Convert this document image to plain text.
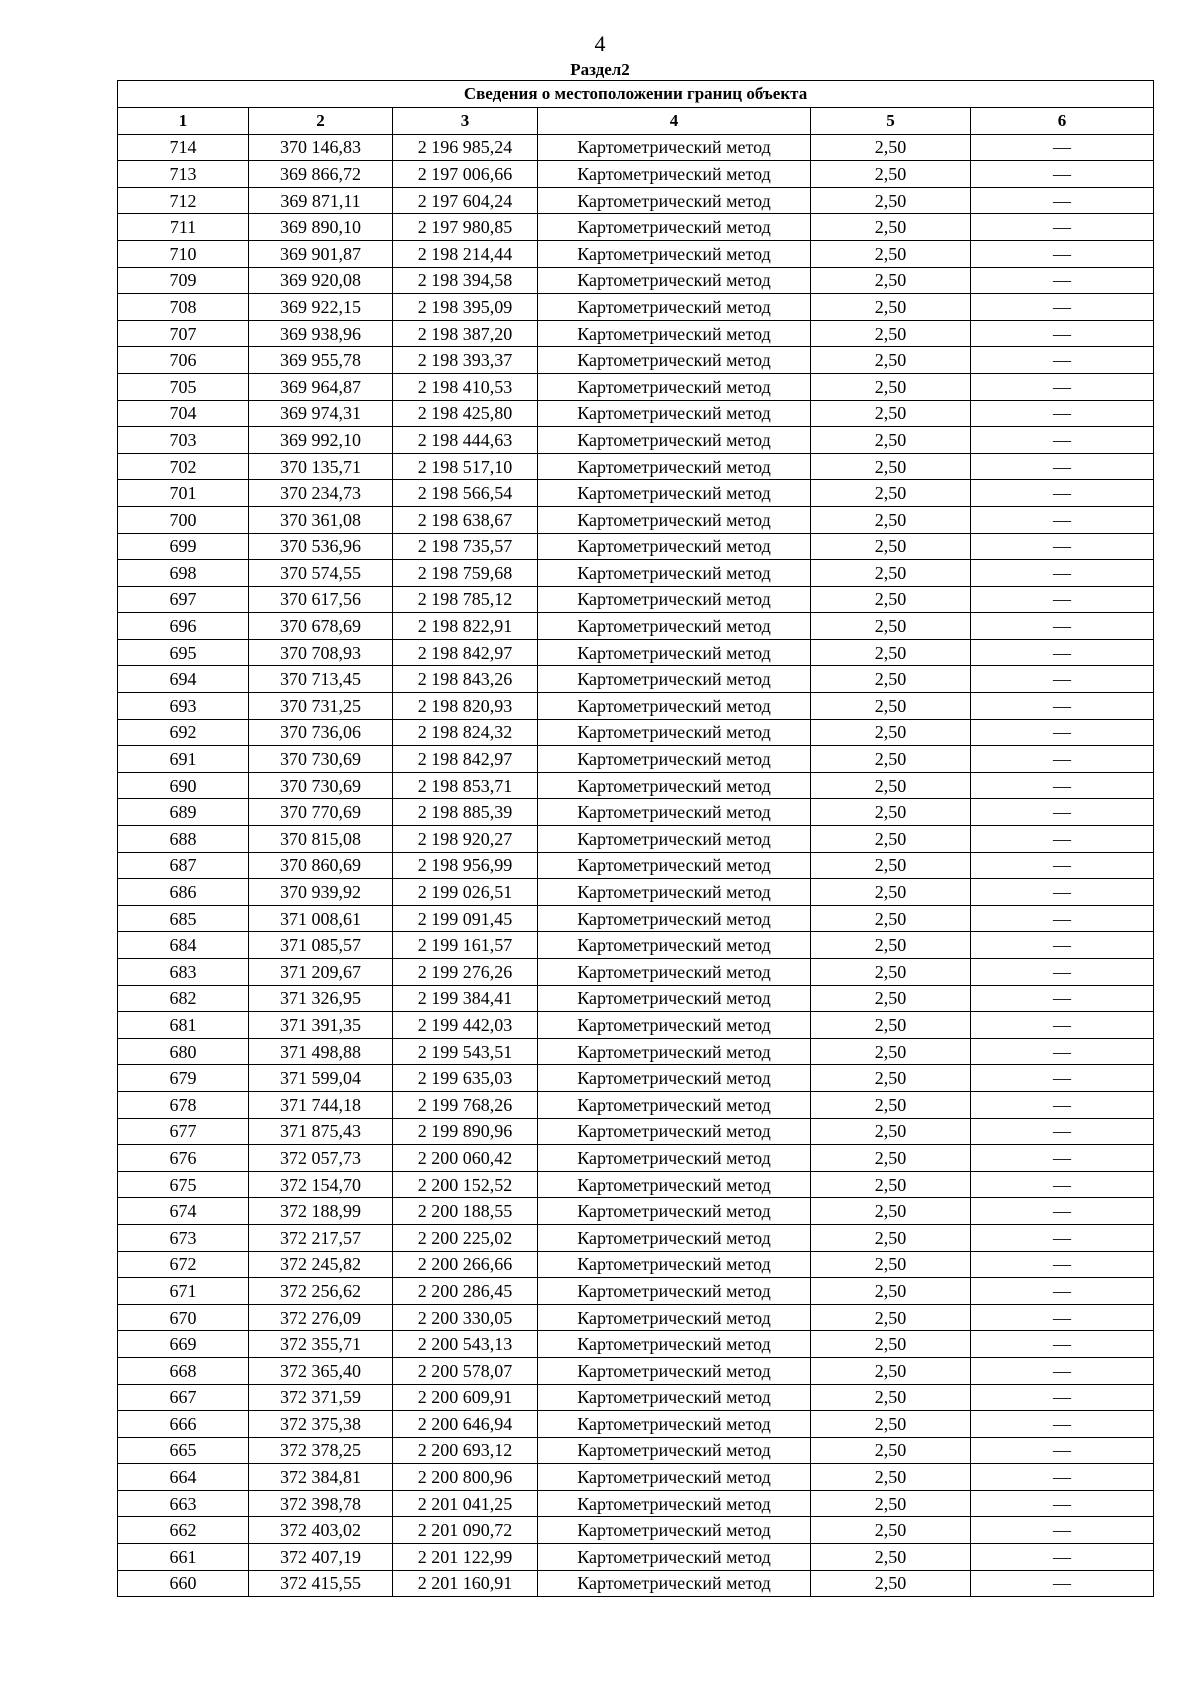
4
Раздел2
Сведения о местоположении границ объекта					
1	2	3	4	5	6
714	370 146,83	2 196 985,24	Картометрический метод	2,50	—
713	369 866,72	2 197 006,66	Картометрический метод	2,50	—
712	369 871,11	2 197 604,24	Картометрический метод	2,50	—
711	369 890,10	2 197 980,85	Картометрический метод	2,50	—
710	369 901,87	2 198 214,44	Картометрический метод	2,50	—
709	369 920,08	2 198 394,58	Картометрический метод	2,50	—
708	369 922,15	2 198 395,09	Картометрический метод	2,50	—
707	369 938,96	2 198 387,20	Картометрический метод	2,50	—
706	369 955,78	2 198 393,37	Картометрический метод	2,50	—
705	369 964,87	2 198 410,53	Картометрический метод	2,50	—
704	369 974,31	2 198 425,80	Картометрический метод	2,50	—
703	369 992,10	2 198 444,63	Картометрический метод	2,50	—
702	370 135,71	2 198 517,10	Картометрический метод	2,50	—
701	370 234,73	2 198 566,54	Картометрический метод	2,50	—
700	370 361,08	2 198 638,67	Картометрический метод	2,50	—
699	370 536,96	2 198 735,57	Картометрический метод	2,50	—
698	370 574,55	2 198 759,68	Картометрический метод	2,50	—
697	370 617,56	2 198 785,12	Картометрический метод	2,50	—
696	370 678,69	2 198 822,91	Картометрический метод	2,50	—
695	370 708,93	2 198 842,97	Картометрический метод	2,50	—
694	370 713,45	2 198 843,26	Картометрический метод	2,50	—
693	370 731,25	2 198 820,93	Картометрический метод	2,50	—
692	370 736,06	2 198 824,32	Картометрический метод	2,50	—
691	370 730,69	2 198 842,97	Картометрический метод	2,50	—
690	370 730,69	2 198 853,71	Картометрический метод	2,50	—
689	370 770,69	2 198 885,39	Картометрический метод	2,50	—
688	370 815,08	2 198 920,27	Картометрический метод	2,50	—
687	370 860,69	2 198 956,99	Картометрический метод	2,50	—
686	370 939,92	2 199 026,51	Картометрический метод	2,50	—
685	371 008,61	2 199 091,45	Картометрический метод	2,50	—
684	371 085,57	2 199 161,57	Картометрический метод	2,50	—
683	371 209,67	2 199 276,26	Картометрический метод	2,50	—
682	371 326,95	2 199 384,41	Картометрический метод	2,50	—
681	371 391,35	2 199 442,03	Картометрический метод	2,50	—
680	371 498,88	2 199 543,51	Картометрический метод	2,50	—
679	371 599,04	2 199 635,03	Картометрический метод	2,50	—
678	371 744,18	2 199 768,26	Картометрический метод	2,50	—
677	371 875,43	2 199 890,96	Картометрический метод	2,50	—
676	372 057,73	2 200 060,42	Картометрический метод	2,50	—
675	372 154,70	2 200 152,52	Картометрический метод	2,50	—
674	372 188,99	2 200 188,55	Картометрический метод	2,50	—
673	372 217,57	2 200 225,02	Картометрический метод	2,50	—
672	372 245,82	2 200 266,66	Картометрический метод	2,50	—
671	372 256,62	2 200 286,45	Картометрический метод	2,50	—
670	372 276,09	2 200 330,05	Картометрический метод	2,50	—
669	372 355,71	2 200 543,13	Картометрический метод	2,50	—
668	372 365,40	2 200 578,07	Картометрический метод	2,50	—
667	372 371,59	2 200 609,91	Картометрический метод	2,50	—
666	372 375,38	2 200 646,94	Картометрический метод	2,50	—
665	372 378,25	2 200 693,12	Картометрический метод	2,50	—
664	372 384,81	2 200 800,96	Картометрический метод	2,50	—
663	372 398,78	2 201 041,25	Картометрический метод	2,50	—
662	372 403,02	2 201 090,72	Картометрический метод	2,50	—
661	372 407,19	2 201 122,99	Картометрический метод	2,50	—
660	372 415,55	2 201 160,91	Картометрический метод	2,50	—
